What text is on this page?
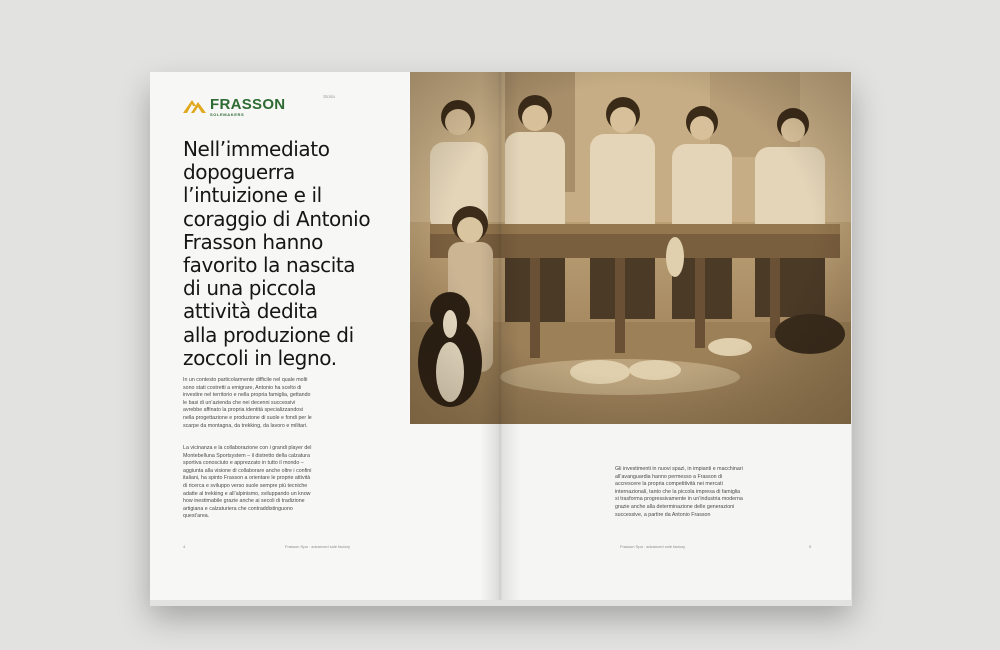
FRASSON
SOLEMAKERS
Storia
Nell’immediato
dopoguerra
l’intuizione e il
coraggio di Antonio
Frasson hanno
favorito la nascita
di una piccola
attività dedita
alla produzione di
zoccoli in legno.
In un contesto particolarmente difficile nel quale molti
sono stati costretti a emigrare, Antonio ha scelto di
investire nel territorio e nella propria famiglia, gettando
le basi di un’azienda che nei decenni successivi
avrebbe affinato la propria identità specializzandosi
nella progettazione e produzione di suole e fondi per le
scarpe da montagna, da trekking, da lavoro e militari.
La vicinanza e la collaborazione con i grandi player del
Montebelluna Sportsystem – il distretto della calzatura
sportiva conosciuto e apprezzato in tutto il mondo –
aggiunta alla visione di collaborare anche oltre i confini
italiani, ha spinto Frasson a orientare le proprie attività
di ricerca e sviluppo verso suole sempre più tecniche
adatte al trekking e all’alpinismo, sviluppando un know
how inestimabile grazie anche ai secoli di tradizione
artigiana e calzaturiera che contraddistinguono
quest’area.
4	Frasson Spa · advanced sole factory
Gli investimenti in nuovi spazi, in impianti e macchinari
all’avanguardia hanno permesso a Frasson di
accrescere la propria competitività nei mercati
internazionali, tanto che la piccola impresa di famiglia
si trasforma progressivamente in un’industria moderna
grazie anche alla determinazione delle generazioni
successive, a partire da Antonio Frasson
Frasson Spa · advanced sole factory	5
